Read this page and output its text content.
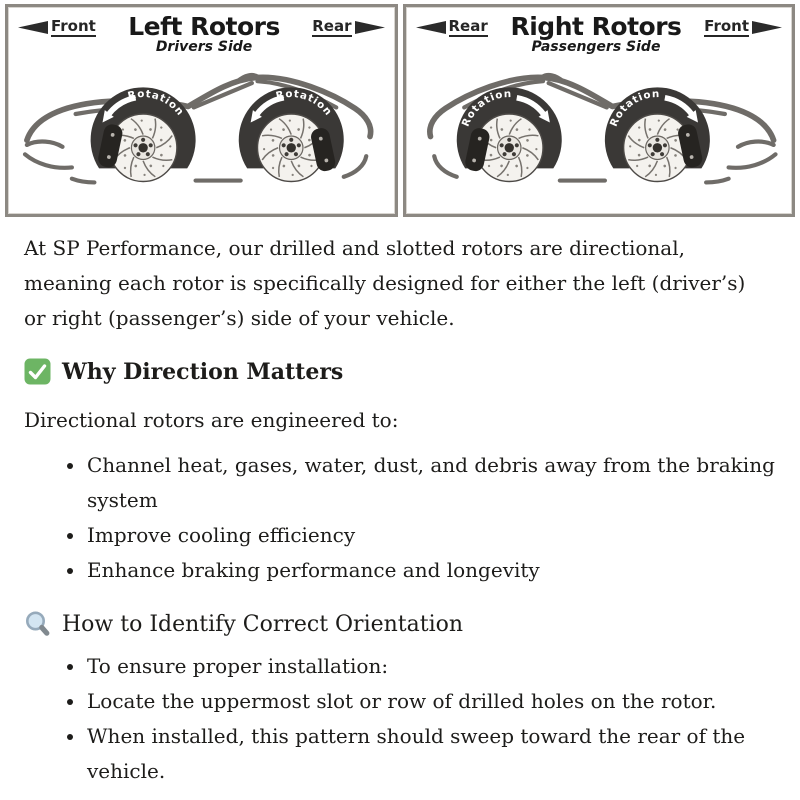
Front Left Rotors
Drivers Side
Rear
Rotation
Rotation
Rear Right Rotors
Passengers Side
Front
Rotation
Rotation

At SP Performance, our drilled and slotted rotors are directional, meaning each rotor is specifically designed for either the left (driver’s) or right (passenger’s) side of your vehicle.

Why Direction Matters

Directional rotors are engineered to:

• Channel heat, gases, water, dust, and debris away from the braking system
• Improve cooling efficiency
• Enhance braking performance and longevity
How to Identify Correct Orientation
• To ensure proper installation:
• Locate the uppermost slot or row of drilled holes on the rotor.
• When installed, this pattern should sweep toward the rear of the vehicle.
